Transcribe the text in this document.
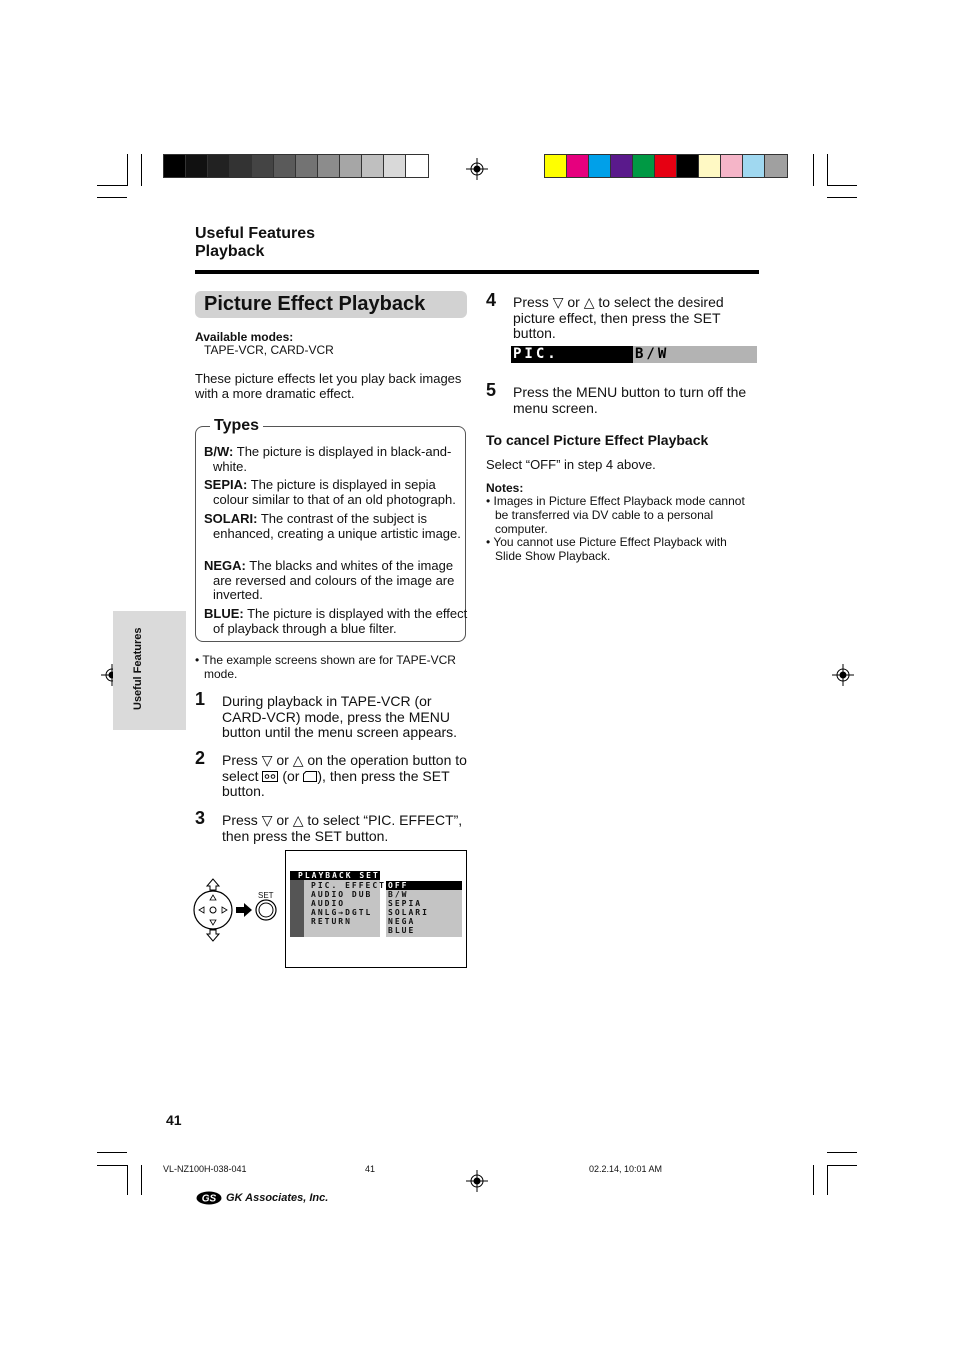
Useful Features
Playback
Picture Effect Playback
Available modes:
TAPE-VCR, CARD-VCR
These picture effects let you play back images with a more dramatic effect.
Types
B/W: The picture is displayed in black-and-white.
SEPIA: The picture is displayed in sepia colour similar to that of an old photograph.
SOLARI: The contrast of the subject is enhanced, creating a unique artistic image.
NEGA: The blacks and whites of the image are reversed and colours of the image are inverted.
BLUE: The picture is displayed with the effect of playback through a blue filter.
• The example screens shown are for TAPE-VCR mode.
Useful Features	1 During playback in TAPE-VCR (or CARD-VCR) mode, press the MENU button until the menu screen appears.
2 Press ▽ or △ on the operation button to select (or ), then press the SET button.
3 Press ▽ or △ to select “PIC. EFFECT”, then press the SET button.
SET
PLAYBACK SET
PIC. EFFECT
AUDIO DUB
AUDIO
ANLG→DGTL
RETURN
OFF
B/W
SEPIA
SOLARI
NEGA
BLUE
4 Press ▽ or △ to select the desired picture effect, then press the SET button.
PIC. EFFECT
B/W
5 Press the MENU button to turn off the menu screen.
To cancel Picture Effect Playback
Select “OFF” in step 4 above.
Notes:
• Images in Picture Effect Playback mode cannot be transferred via DV cable to a personal computer.
• You cannot use Picture Effect Playback with Slide Show Playback.
41
VL-NZ100H-038-041	41	02.2.14, 10:01 AM
GS GK Associates, Inc.
